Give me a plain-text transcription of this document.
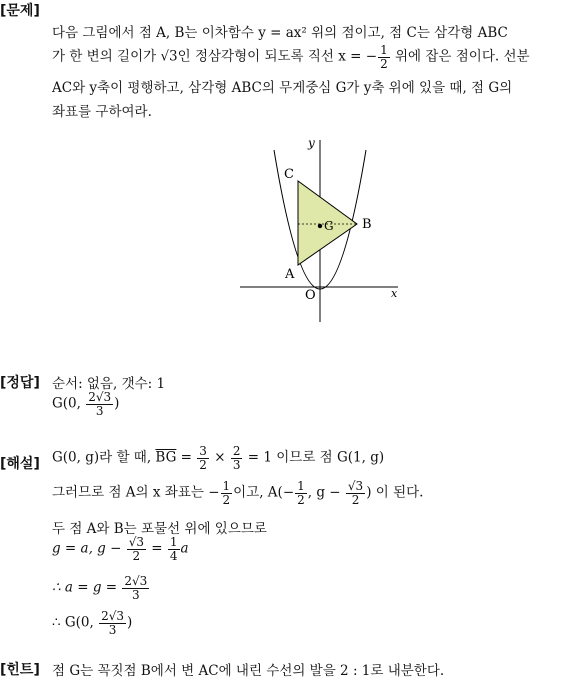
[문제]
다음 그림에서 점 A, B는 이차함수 y = ax² 위의 점이고, 점 C는 삼각형 ABC
가 한 변의 길이가 √3인 정삼각형이 되도록 직선 x = − $\frac{1}{2}$ 위에 잡은 점이다. 선분
AC와 y축이 평행하고, 삼각형 ABC의 무게중심 G가 y축 위에 있을 때, 점 G의
좌표를 구하여라.
y
x
O
A
B
C
G
[정답] 순서: 없음, 갯수: 1
G(0, $\frac{2√3}{3}$ )
[해설] G(0, g)라 할 때, $\overline{BG} = \frac{3}{2} \times \frac{2}{3} = 1$ 이므로 점 G(1, g)
그러므로 점 A의 x 좌표는 − $\frac{1}{2}$ 이고, $A(- \frac{1}{2}$ , $g - \frac{√3}{2}$ ) 이 된다.
두 점 A와 B는 포물선 위에 있으므로
g = a, $g - \frac{√3}{2} = \frac{1}{4}$ a
∴ $a = g = \frac{2√3}{3}$
∴ G(0, $\frac{2√3}{3}$ )
[힌트] 점 G는 꼭짓점 B에서 변 AC에 내린 수선의 발을 2 : 1로 내분한다.
